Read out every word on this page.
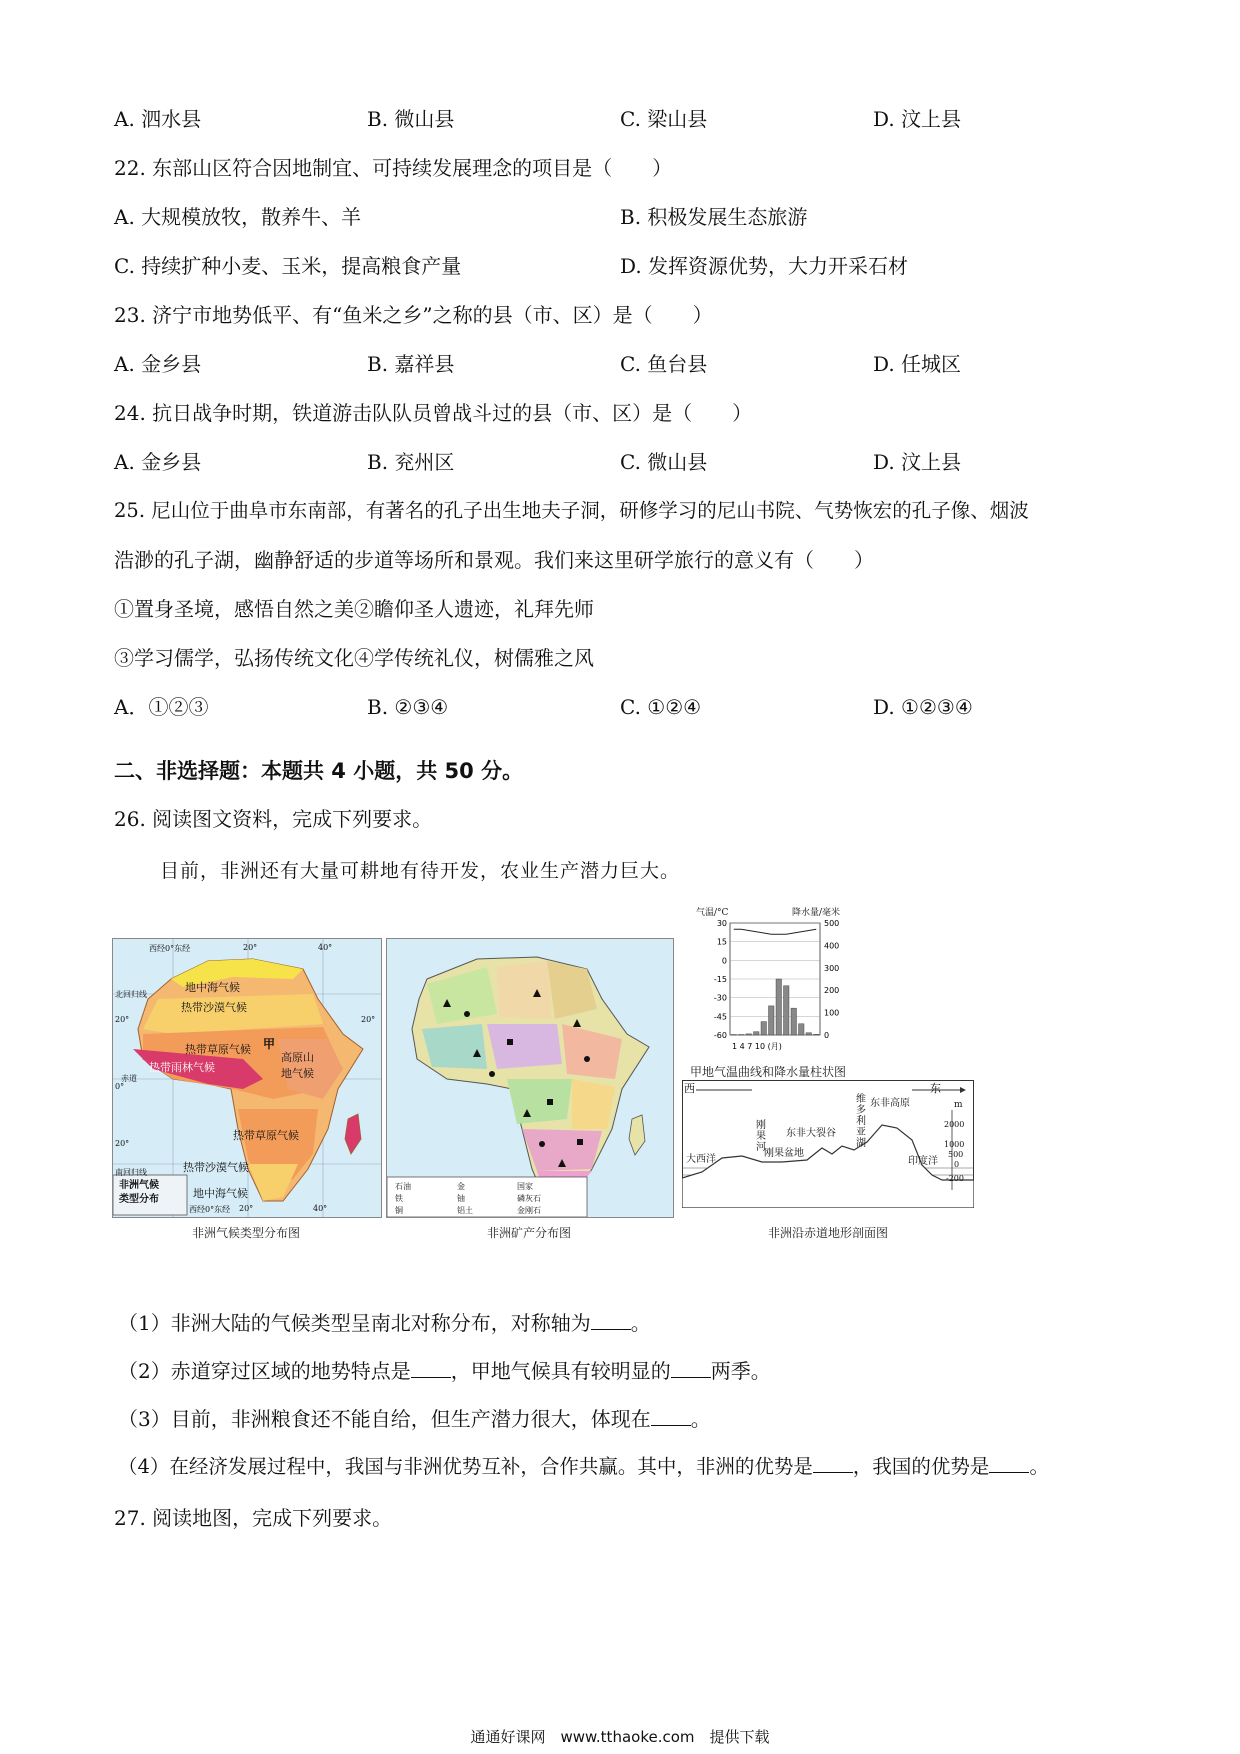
A. 泗水县	B. 微山县	C. 梁山县	D. 汶上县
22. 东部山区符合因地制宜、可持续发展理念的项目是（　　）
A. 大规模放牧，散养牛、羊	B. 积极发展生态旅游
C. 持续扩种小麦、玉米，提高粮食产量	D. 发挥资源优势，大力开采石材
23. 济宁市地势低平、有“鱼米之乡”之称的县（市、区）是（　　）
A. 金乡县	B. 嘉祥县	C. 鱼台县	D. 任城区
24. 抗日战争时期，铁道游击队队员曾战斗过的县（市、区）是（　　）
A. 金乡县	B. 兖州区	C. 微山县	D. 汶上县
25. 尼山位于曲阜市东南部，有著名的孔子出生地夫子洞，研修学习的尼山书院、气势恢宏的孔子像、烟波
浩渺的孔子湖，幽静舒适的步道等场所和景观。我们来这里研学旅行的意义有（　　）
①置身圣境，感悟自然之美②瞻仰圣人遗迹，礼拜先师
③学习儒学，弘扬传统文化④学传统礼仪，树儒雅之风
A．①②③	B. ②③④	C. ①②④	D. ①②③④
二、非选择题：本题共 4 小题，共 50 分。
26. 阅读图文资料，完成下列要求。
目前，非洲还有大量可耕地有待开发，农业生产潜力巨大。
地中海气候
热带沙漠气候
热带草原气候
热带雨林气候
甲
高原山地气候
热带草原气候
热带沙漠气候
地中海气候
北回归线
赤道
南回归线
西经0°东经	20°	40°
20°
0°
20°
西经0°东经 20°	40°
20°
非洲气候
类型分布
非洲气候类型分布图
石油	金	国家
铁	铀	磷灰石
铜	铝土	金刚石
非洲矿产分布图
气温/°C	降水量/毫米
30
15
0
-15
-30
-45
-60
500
400
300
200
100
0
1 4 7 10 (月)
甲地气温曲线和降水量柱状图
西	东
m
2000
1000
500
0
-200
大西洋
刚果河
刚果盆地
东非大裂谷
维多利亚湖
东非高原
印度洋
非洲沿赤道地形剖面图
（1）非洲大陆的气候类型呈南北对称分布，对称轴为 。
（2）赤道穿过区域的地势特点是 ，甲地气候具有较明显的 两季。
（3）目前，非洲粮食还不能自给，但生产潜力很大，体现在 。
（4）在经济发展过程中，我国与非洲优势互补，合作共赢。其中，非洲的优势是 ，我国的优势是 。
27. 阅读地图，完成下列要求。
通通好课网　www.tthaoke.com　提供下载
